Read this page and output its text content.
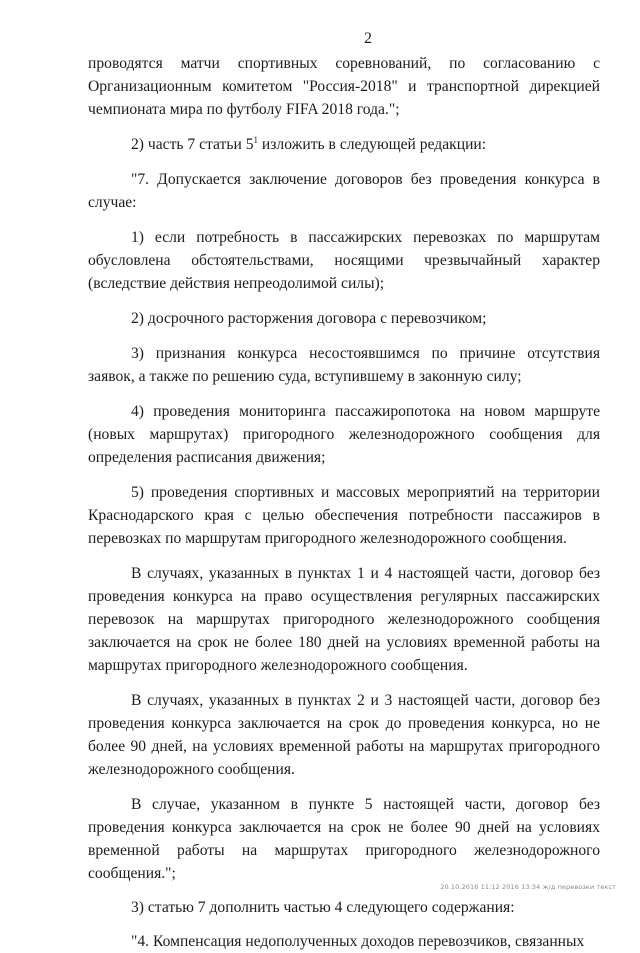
2

проводятся матчи спортивных соревнований, по согласованию с Организационным комитетом "Россия-2018" и транспортной дирекцией чемпионата мира по футболу FIFA 2018 года.";

2) часть 7 статьи $5^1$ изложить в следующей редакции:

"7. Допускается заключение договоров без проведения конкурса в случае:

1) если потребность в пассажирских перевозках по маршрутам обусловлена обстоятельствами, носящими чрезвычайный характер (вследствие действия непреодолимой силы);

2) досрочного расторжения договора с перевозчиком;

3) признания конкурса несостоявшимся по причине отсутствия заявок, а также по решению суда, вступившему в законную силу;

4) проведения мониторинга пассажиропотока на новом маршруте (новых маршрутах) пригородного железнодорожного сообщения для определения расписания движения;

5) проведения спортивных и массовых мероприятий на территории Краснодарского края с целью обеспечения потребности пассажиров в перевозках по маршрутам пригородного железнодорожного сообщения.

В случаях, указанных в пунктах 1 и 4 настоящей части, договор без проведения конкурса на право осуществления регулярных пассажирских перевозок на маршрутах пригородного железнодорожного сообщения заключается на срок не более 180 дней на условиях временной работы на маршрутах пригородного железнодорожного сообщения.

В случаях, указанных в пунктах 2 и 3 настоящей части, договор без проведения конкурса заключается на срок до проведения конкурса, но не более 90 дней, на условиях временной работы на маршрутах пригородного железнодорожного сообщения.

В случае, указанном в пункте 5 настоящей части, договор без проведения конкурса заключается на срок не более 90 дней на условиях временной работы на маршрутах пригородного железнодорожного сообщения.";

3) статью 7 дополнить частью 4 следующего содержания:

"4. Компенсация недополученных доходов перевозчиков, связанных

20.10.2016 11:12 2016 13:34 ж/д перевозки текст
